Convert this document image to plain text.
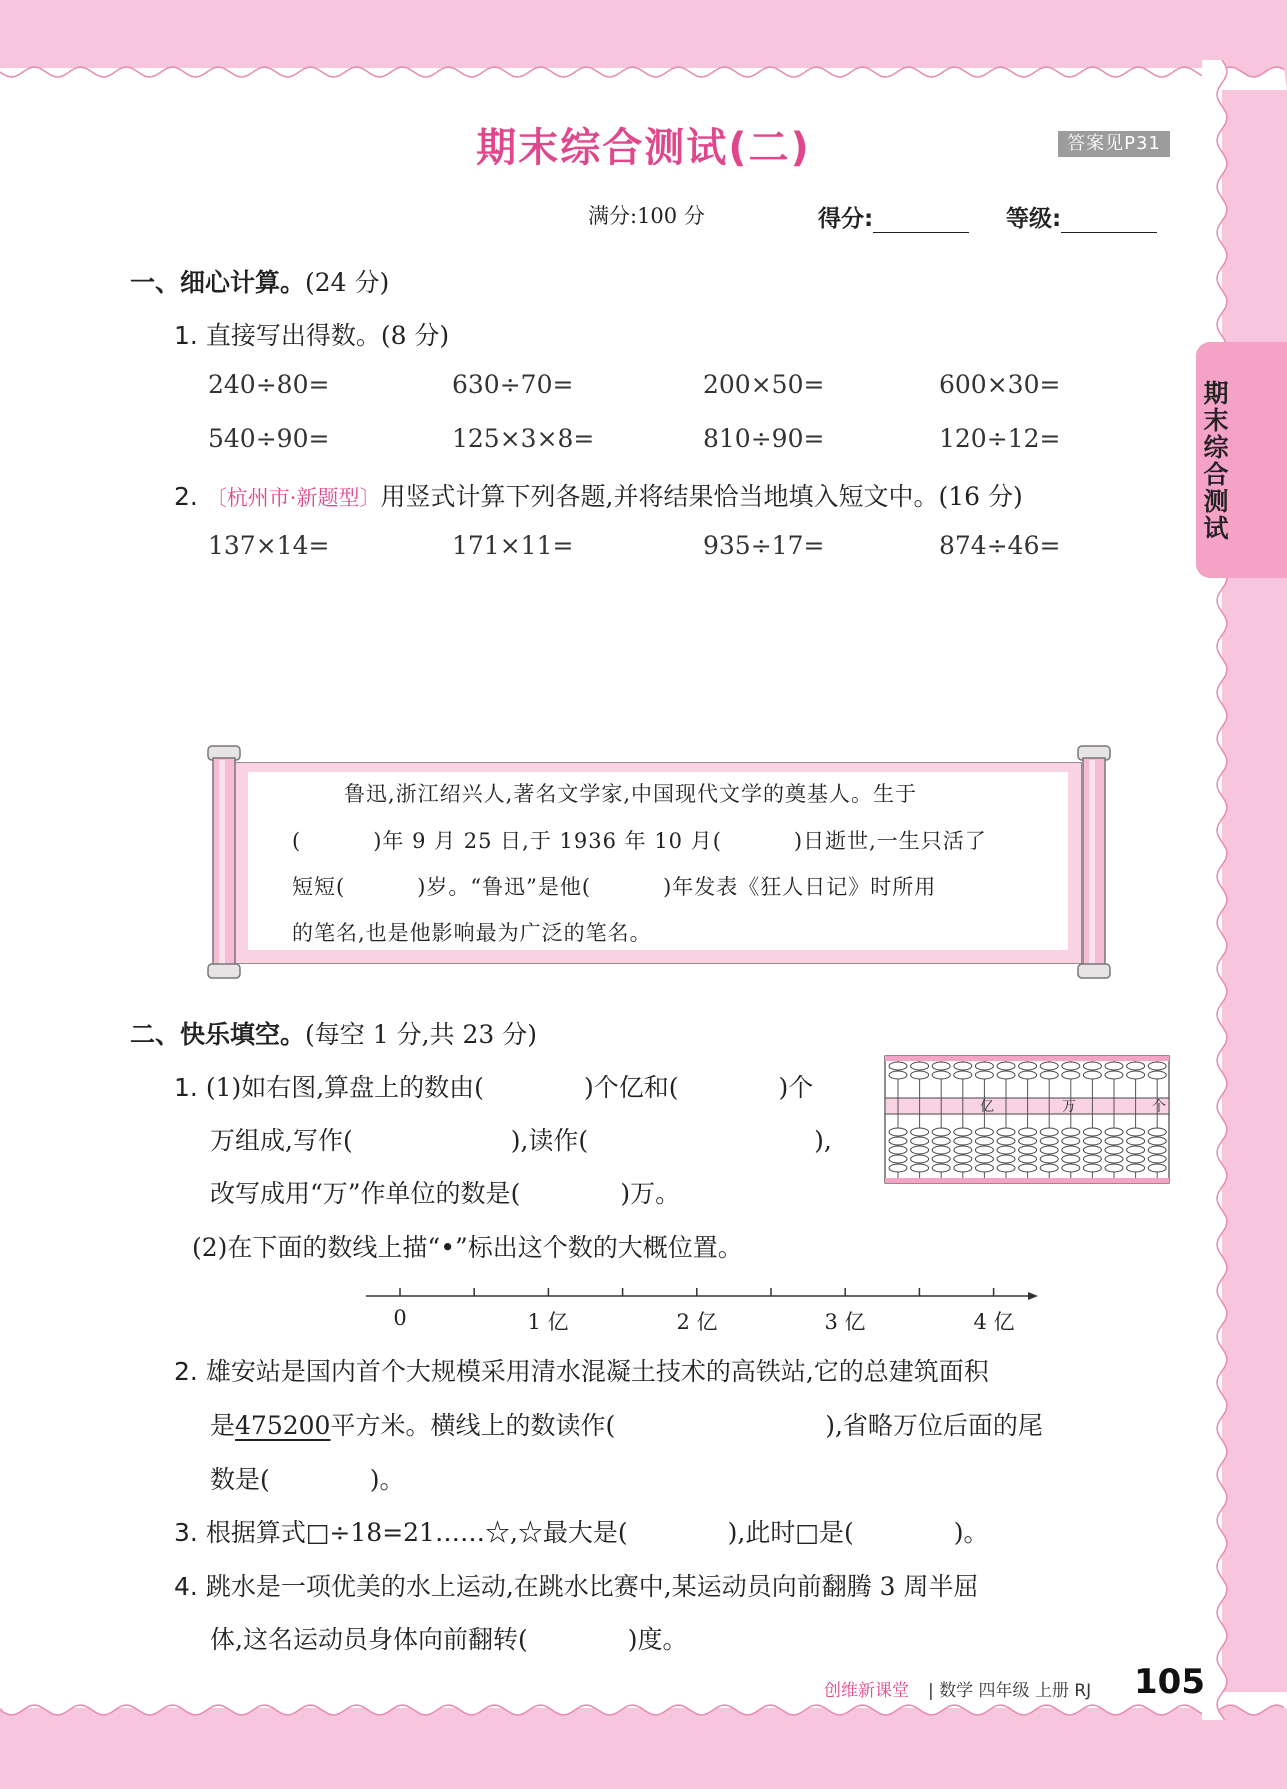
期末综合测试(二)	答案见P31
满分:100 分	得分:	等级:
期末综合测试
一、细心计算。(24 分)
1. 直接写出得数。(8 分)
240÷80=	630÷70=	200×50=	600×30=
540÷90=	125×3×8=	810÷90=	120÷12=
2. 〔杭州市·新题型〕用竖式计算下列各题,并将结果恰当地填入短文中。(16 分)
137×14=	171×11=	935÷17=	874÷46=
鲁迅,浙江绍兴人,著名文学家,中国现代文学的奠基人。生于
(	)年 9 月 25 日,于 1936 年 10 月(	)日逝世,一生只活了
短短(	)岁。“鲁迅”是他(	)年发表《狂人日记》时所用
的笔名,也是他影响最为广泛的笔名。
二、快乐填空。(每空 1 分,共 23 分)
1. (1)如右图,算盘上的数由(	)个亿和(	)个
万组成,写作(	),读作(	),
改写成用“万”作单位的数是(	)万。
(2)在下面的数线上描“•”标出这个数的大概位置。
亿	万	个
0	1 亿	2 亿	3 亿	4 亿
2. 雄安站是国内首个大规模采用清水混凝土技术的高铁站,它的总建筑面积
是475200平方米。横线上的数读作(	),省略万位后面的尾
数是(	)。
3. 根据算式□÷18=21……☆,☆最大是(	),此时□是(	)。
4. 跳水是一项优美的水上运动,在跳水比赛中,某运动员向前翻腾 3 周半屈
体,这名运动员身体向前翻转(	)度。
创维新课堂 | 数学 四年级 上册 RJ 105
